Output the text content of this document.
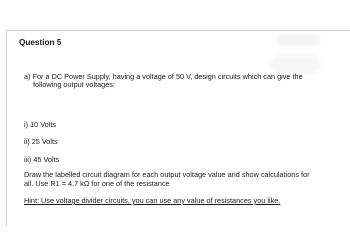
Question 5
a) For a DC Power Supply, having a voltage of 50 V, design circuits which can give the
following output voltages:
i) 10 Volts
ii) 25 Volts
iii) 45 Volts
Draw the labelled circuit diagram for each output voltage value and show calculations for
all. Use R1 = 4.7 kΩ for one of the resistance
Hint: Use voltage divider circuits, you can use any value of resistances you like.
